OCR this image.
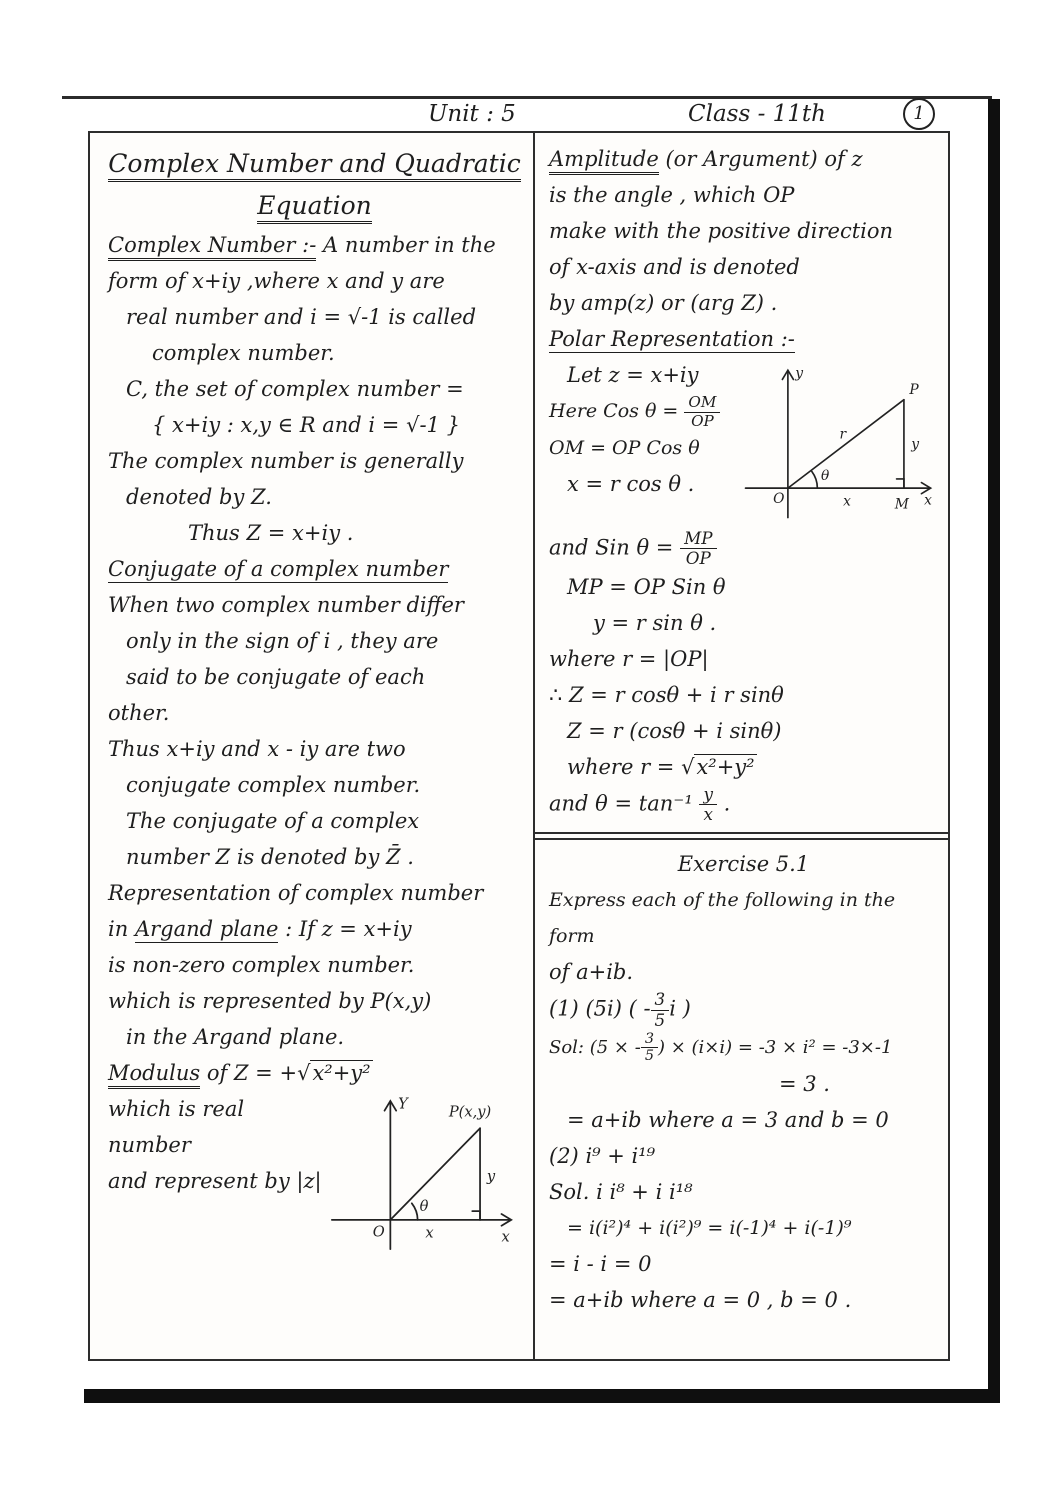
Unit : 5	Class - 11th	1
Complex Number and Quadratic
Equation
Complex Number :- A number in the
form of x+iy ,where x and y are
real number and i = √-1 is called
complex number.
C, the set of complex number =
{ x+iy : x,y ∈ R and i = √-1 }
The complex number is generally
denoted by Z.
Thus Z = x+iy .
Conjugate of a complex number
When two complex number differ
only in the sign of i , they are
said to be conjugate of each
other.
Thus x+iy and x - iy are two
conjugate complex number.
The conjugate of a complex
number Z is denoted by Z̄ .
Representation of complex number
in Argand plane : If z = x+iy
is non-zero complex number.
which is represented by P(x,y)
in the Argand plane.
Modulus of Z = + √ x²+y²
which is real number
and represent by |z|
Y
x
O
P(x,y)
y
x
θ
Amplitude (or Argument) of z
is the angle , which OP
make with the positive direction
of x-axis and is denoted
by amp(z) or (arg Z) .
Polar Representation :-
Let z = x+iy
Here Cos $\theta = \frac{OM}{OP}$
OM = OP Cos θ
x = r cos θ .
y
x
O
P
r
y
x	M
θ
and Sin $\theta = \frac{MP}{OP}$
MP = OP Sin θ
y = r sin θ .
where r = |OP|
∴ Z = r cosθ + i r sinθ
Z = r (cosθ + i sinθ)
where r = √ x²+y²
and $\theta = \tan^{-1} \frac{y}{x}$ .
Exercise 5.1
Express each of the following in the form
of a+ib.
(1) (5i) ( - $\frac{3}{5}$ i )
Sol: (5 × - $\frac{3}{5}$ ) × (i×i) = -3 × i² = -3×-1
= 3 .
= a+ib where a = 3 and b = 0
(2) i⁹ + i¹⁹
Sol. i i⁸ + i i¹⁸
= i(i²)⁴ + i(i²)⁹ = i(-1)⁴ + i(-1)⁹
= i - i = 0
= a+ib where a = 0 , b = 0 .
